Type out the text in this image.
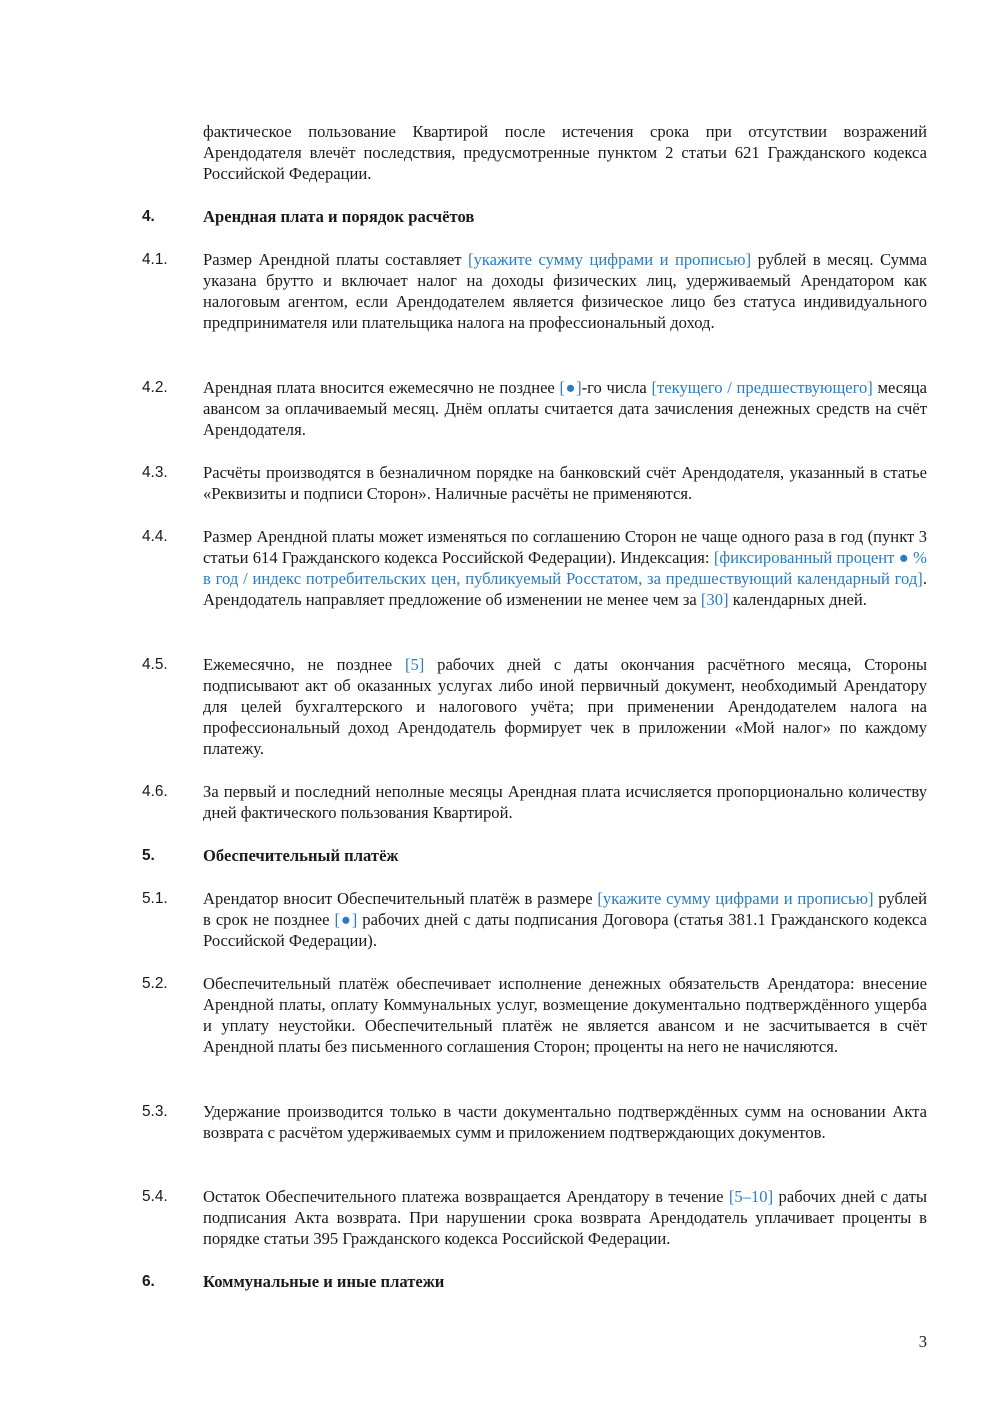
фактическое пользование Квартирой после истечения срока при отсутствии возражений Арендодателя влечёт последствия, предусмотренные пунктом 2 статьи 621 Гражданского кодекса Российской Федерации.
4.	Арендная плата и порядок расчётов
4.1. Размер Арендной платы составляет [укажите сумму цифрами и прописью] рублей в месяц. Сумма указана брутто и включает налог на доходы физических лиц, удерживаемый Арендатором как налоговым агентом, если Арендодателем является физическое лицо без статуса индивидуального предпринимателя или плательщика налога на профессиональный доход.
4.2. Арендная плата вносится ежемесячно не позднее [●]-го числа [текущего / предшествующего] месяца авансом за оплачиваемый месяц. Днём оплаты считается дата зачисления денежных средств на счёт Арендодателя.
4.3. Расчёты производятся в безналичном порядке на банковский счёт Арендодателя, указанный в статье «Реквизиты и подписи Сторон». Наличные расчёты не применяются.
4.4. Размер Арендной платы может изменяться по соглашению Сторон не чаще одного раза в год (пункт 3 статьи 614 Гражданского кодекса Российской Федерации). Индексация: [фиксированный процент ● % в год / индекс потребительских цен, публикуемый Росстатом, за предшествующий календарный год]. Арендодатель направляет предложение об изменении не менее чем за [30] календарных дней.
4.5. Ежемесячно, не позднее [5] рабочих дней с даты окончания расчётного месяца, Стороны подписывают акт об оказанных услугах либо иной первичный документ, необходимый Арендатору для целей бухгалтерского и налогового учёта; при применении Арендодателем налога на профессиональный доход Арендодатель формирует чек в приложении «Мой налог» по каждому платежу.
4.6. За первый и последний неполные месяцы Арендная плата исчисляется пропорционально количеству дней фактического пользования Квартирой.
5.	Обеспечительный платёж
5.1. Арендатор вносит Обеспечительный платёж в размере [укажите сумму цифрами и прописью] рублей в срок не позднее [●] рабочих дней с даты подписания Договора (статья 381.1 Гражданского кодекса Российской Федерации).
5.2. Обеспечительный платёж обеспечивает исполнение денежных обязательств Арендатора: внесение Арендной платы, оплату Коммунальных услуг, возмещение документально подтверждённого ущерба и уплату неустойки. Обеспечительный платёж не является авансом и не засчитывается в счёт Арендной платы без письменного соглашения Сторон; проценты на него не начисляются.
5.3. Удержание производится только в части документально подтверждённых сумм на основании Акта возврата с расчётом удерживаемых сумм и приложением подтверждающих документов.
5.4. Остаток Обеспечительного платежа возвращается Арендатору в течение [5–10] рабочих дней с даты подписания Акта возврата. При нарушении срока возврата Арендодатель уплачивает проценты в порядке статьи 395 Гражданского кодекса Российской Федерации.
6.	Коммунальные и иные платежи
3
